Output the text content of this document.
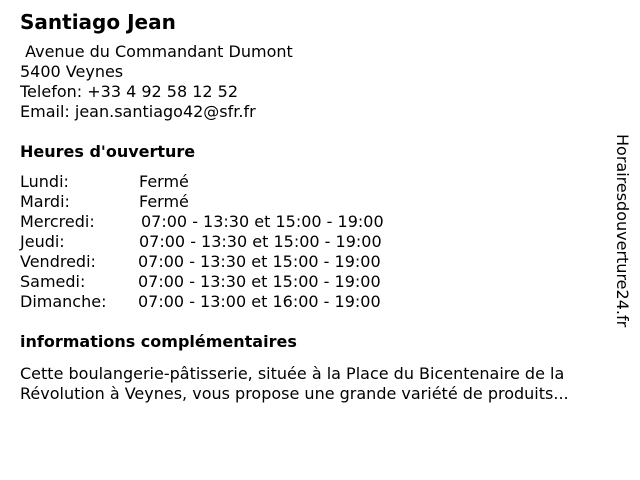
Santiago Jean
Avenue du Commandant Dumont
5400 Veynes
Telefon: +33 4 92 58 12 52
Email: jean.santiago42@sfr.fr
Heures d'ouverture
Lundi:	Fermé
Mardi:	Fermé
Mercredi:	07:00 - 13:30 et 15:00 - 19:00
Jeudi:	07:00 - 13:30 et 15:00 - 19:00
Vendredi:	07:00 - 13:30 et 15:00 - 19:00
Samedi:	07:00 - 13:30 et 15:00 - 19:00
Dimanche: 07:00 - 13:00 et 16:00 - 19:00
informations complémentaires
Cette boulangerie-pâtisserie, située à la Place du Bicentenaire de la
Révolution à Veynes, vous propose une grande variété de produits...
Horairesdouverture24.fr
